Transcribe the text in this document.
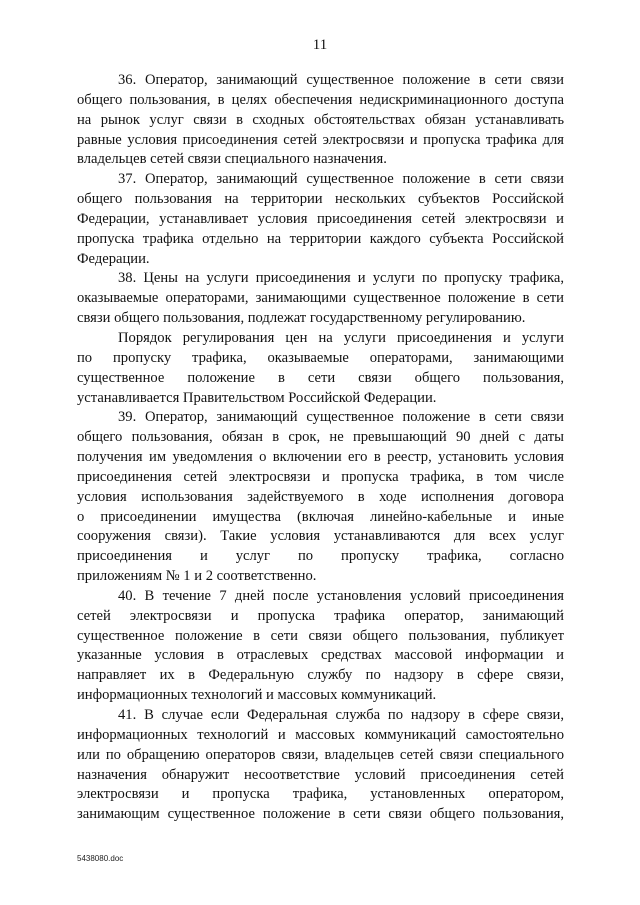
11

36. Оператор, занимающий существенное положение в сети связи
общего пользования, в целях обеспечения недискриминационного доступа
на рынок услуг связи в сходных обстоятельствах обязан устанавливать
равные условия присоединения сетей электросвязи и пропуска трафика для
владельцев сетей связи специального назначения.

37. Оператор, занимающий существенное положение в сети связи
общего пользования на территории нескольких субъектов Российской
Федерации, устанавливает условия присоединения сетей электросвязи и
пропуска трафика отдельно на территории каждого субъекта Российской
Федерации.

38. Цены на услуги присоединения и услуги по пропуску трафика,
оказываемые операторами, занимающими существенное положение в сети
связи общего пользования, подлежат государственному регулированию.

Порядок регулирования цен на услуги присоединения и услуги
по пропуску трафика, оказываемые операторами, занимающими
существенное положение в сети связи общего пользования,
устанавливается Правительством Российской Федерации.

39. Оператор, занимающий существенное положение в сети связи
общего пользования, обязан в срок, не превышающий 90 дней с даты
получения им уведомления о включении его в реестр, установить условия
присоединения сетей электросвязи и пропуска трафика, в том числе
условия использования задействуемого в ходе исполнения договора
о присоединении имущества (включая линейно-кабельные и иные
сооружения связи). Такие условия устанавливаются для всех услуг
присоединения и услуг по пропуску трафика, согласно
приложениям № 1 и 2 соответственно.

40. В течение 7 дней после установления условий присоединения
сетей электросвязи и пропуска трафика оператор, занимающий
существенное положение в сети связи общего пользования, публикует
указанные условия в отраслевых средствах массовой информации и
направляет их в Федеральную службу по надзору в сфере связи,
информационных технологий и массовых коммуникаций.

41. В случае если Федеральная служба по надзору в сфере связи,
информационных технологий и массовых коммуникаций самостоятельно
или по обращению операторов связи, владельцев сетей связи специального
назначения обнаружит несоответствие условий присоединения сетей
электросвязи и пропуска трафика, установленных оператором,
занимающим существенное положение в сети связи общего пользования,

5438080.doc
